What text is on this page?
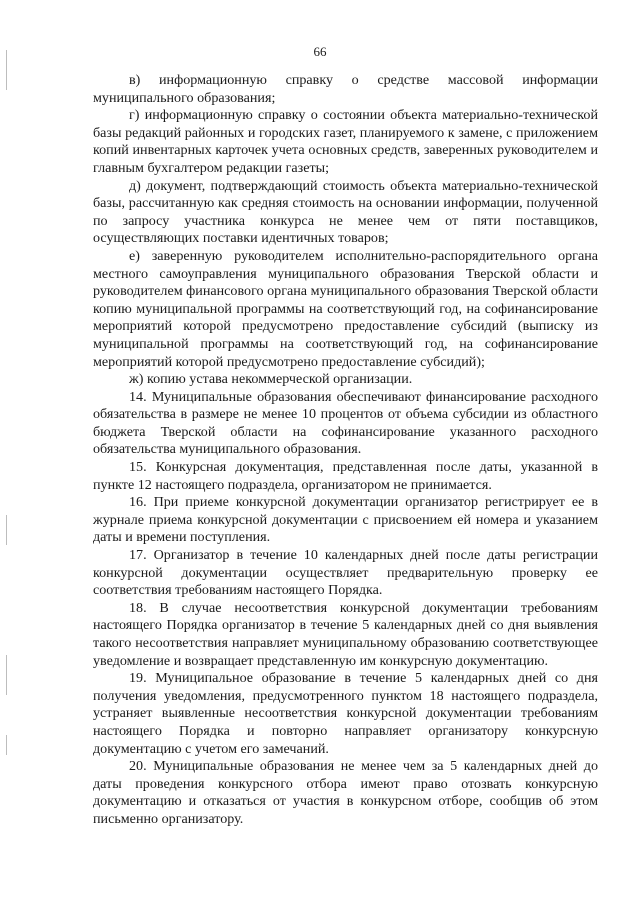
66

в) информационную справку о средстве массовой информации муниципального образования;

г) информационную справку о состоянии объекта материально-технической базы редакций районных и городских газет, планируемого к замене, с приложением копий инвентарных карточек учета основных средств, заверенных руководителем и главным бухгалтером редакции газеты;

д) документ, подтверждающий стоимость объекта материально-технической базы, рассчитанную как средняя стоимость на основании информации, полученной по запросу участника конкурса не менее чем от пяти поставщиков, осуществляющих поставки идентичных товаров;

е) заверенную руководителем исполнительно-распорядительного органа местного самоуправления муниципального образования Тверской области и руководителем финансового органа муниципального образования Тверской области копию муниципальной программы на соответствующий год, на софинансирование мероприятий которой предусмотрено предоставление субсидий (выписку из муниципальной программы на соответствующий год, на софинансирование мероприятий которой предусмотрено предоставление субсидий);

ж) копию устава некоммерческой организации.

14. Муниципальные образования обеспечивают финансирование расходного обязательства в размере не менее 10 процентов от объема субсидии из областного бюджета Тверской области на софинансирование указанного расходного обязательства муниципального образования.

15. Конкурсная документация, представленная после даты, указанной в пункте 12 настоящего подраздела, организатором не принимается.

16. При приеме конкурсной документации организатор регистрирует ее в журнале приема конкурсной документации с присвоением ей номера и указанием даты и времени поступления.

17. Организатор в течение 10 календарных дней после даты регистрации конкурсной документации осуществляет предварительную проверку ее соответствия требованиям настоящего Порядка.

18. В случае несоответствия конкурсной документации требованиям настоящего Порядка организатор в течение 5 календарных дней со дня выявления такого несоответствия направляет муниципальному образованию соответствующее уведомление и возвращает представленную им конкурсную документацию.

19. Муниципальное образование в течение 5 календарных дней со дня получения уведомления, предусмотренного пунктом 18 настоящего подраздела, устраняет выявленные несоответствия конкурсной документации требованиям настоящего Порядка и повторно направляет организатору конкурсную документацию с учетом его замечаний.

20. Муниципальные образования не менее чем за 5 календарных дней до даты проведения конкурсного отбора имеют право отозвать конкурсную документацию и отказаться от участия в конкурсном отборе, сообщив об этом письменно организатору.
